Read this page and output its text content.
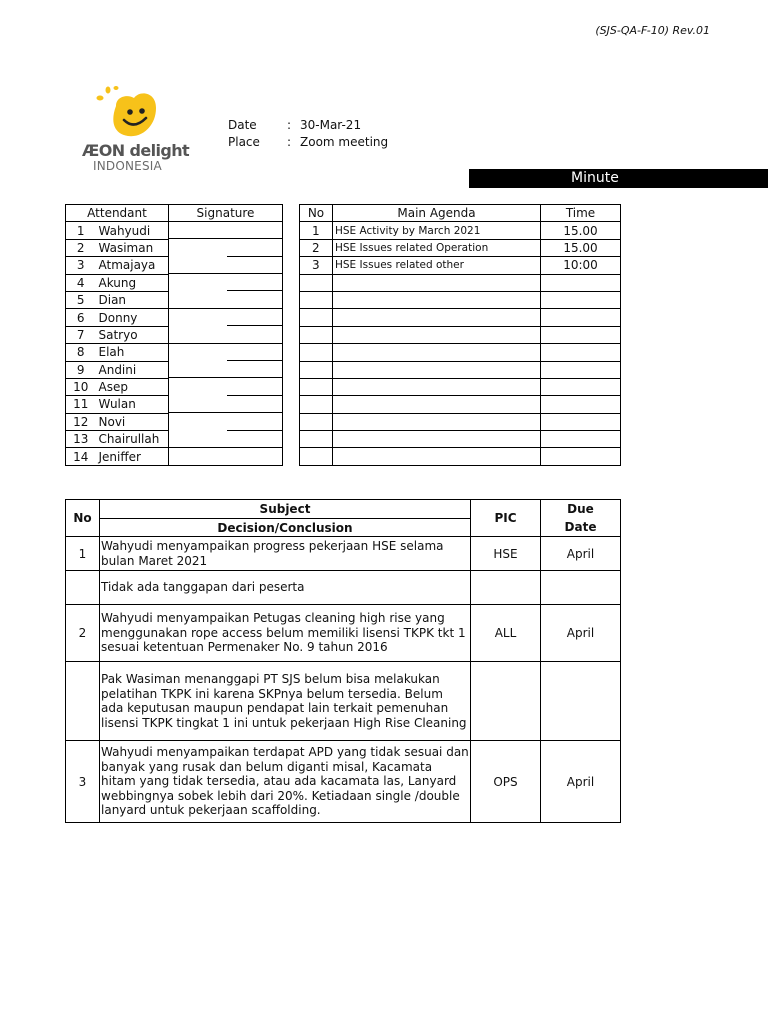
(SJS-QA-F-10) Rev.01
ÆON delight
INDONESIA
Date	: 30-Mar-21
Place : Zoom meeting
Minute
Attendant		Signature
1	Wahyudi	

2	Wasiman	

3	Atmajaya	

4	Akung	

5	Dian	

6	Donny	

7	Satryo	

8	Elah	

9	Andini	

10	Asep	

11	Wulan	

12	Novi	

13	Chairullah	

14	Jeniffer	
No	Main Agenda	Time
1	HSE Activity by March 2021	15.00
2	HSE Issues related Operation	15.00
3	HSE Issues related other	10:00

No	Subject	PIC	Due
Date

	Decision/Conclusion		
1	Wahyudi menyampaikan progress pekerjaan HSE selama bulan Maret 2021	HSE	April
	Tidak ada tanggapan dari peserta		
2	Wahyudi menyampaikan Petugas cleaning high rise yang menggunakan rope access belum memiliki lisensi TKPK tkt 1 sesuai ketentuan Permenaker No. 9 tahun 2016	ALL	April
	Pak Wasiman menanggapi PT SJS belum bisa melakukan pelatihan TKPK ini karena SKPnya belum tersedia. Belum ada keputusan maupun pendapat lain terkait pemenuhan lisensi TKPK tingkat 1 ini untuk pekerjaan High Rise Cleaning		
3	Wahyudi menyampaikan terdapat APD yang tidak sesuai dan banyak yang rusak dan belum diganti misal, Kacamata hitam yang tidak tersedia, atau ada kacamata las, Lanyard webbingnya sobek lebih dari 20%. Ketiadaan single /double lanyard untuk pekerjaan scaffolding.	OPS	April
